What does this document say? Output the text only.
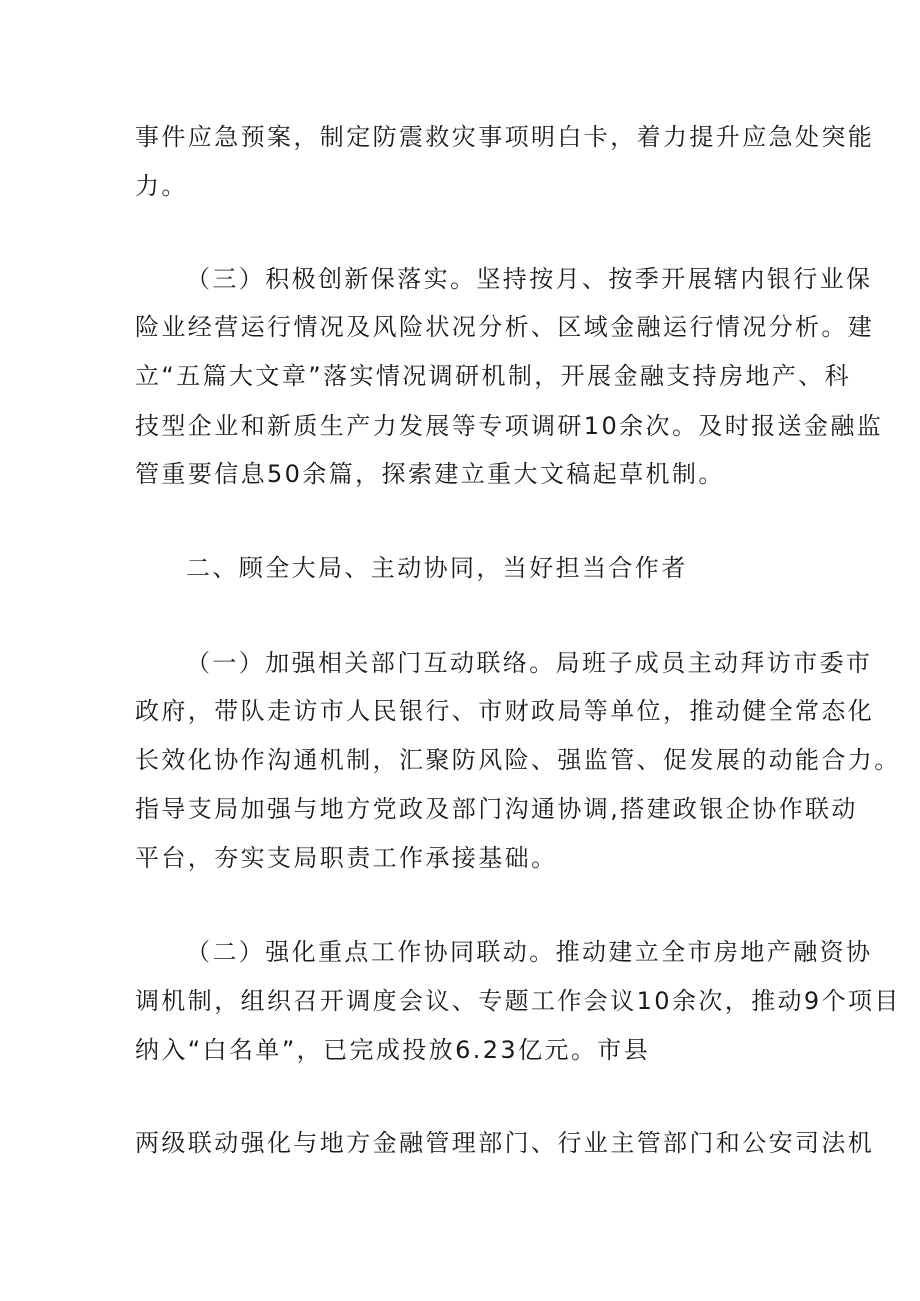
事件应急预案，制定防震救灾事项明白卡，着力提升应急处突能
力。
（三）积极创新保落实。坚持按月、按季开展辖内银行业保
险业经营运行情况及风险状况分析、区域金融运行情况分析。建
立“五篇大文章”落实情况调研机制，开展金融支持房地产、科
技型企业和新质生产力发展等专项调研10余次。及时报送金融监
管重要信息50余篇，探索建立重大文稿起草机制。
二、顾全大局、主动协同，当好担当合作者
（一）加强相关部门互动联络。局班子成员主动拜访市委市
政府，带队走访市人民银行、市财政局等单位，推动健全常态化
长效化协作沟通机制，汇聚防风险、强监管、促发展的动能合力。
指导支局加强与地方党政及部门沟通协调,搭建政银企协作联动
平台，夯实支局职责工作承接基础。
（二）强化重点工作协同联动。推动建立全市房地产融资协
调机制，组织召开调度会议、专题工作会议10余次，推动9个项目
纳入“白名单”，已完成投放6.23亿元。市县
两级联动强化与地方金融管理部门、行业主管部门和公安司法机
